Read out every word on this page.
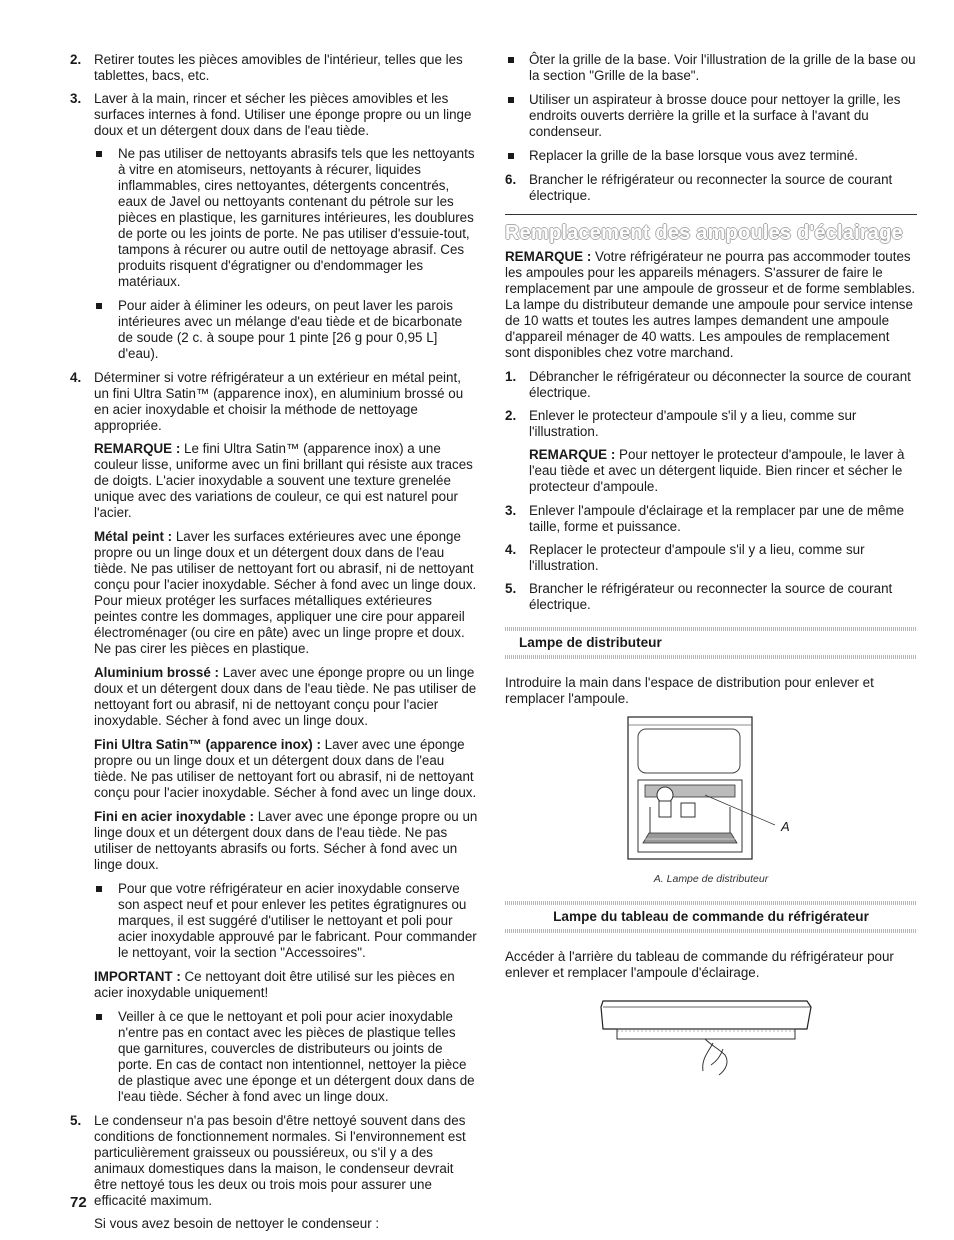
2. Retirer toutes les pièces amovibles de l'intérieur, telles que les tablettes, bacs, etc.
3. Laver à la main, rincer et sécher les pièces amovibles et les surfaces internes à fond. Utiliser une éponge propre ou un linge doux et un détergent doux dans de l'eau tiède.
Ne pas utiliser de nettoyants abrasifs tels que les nettoyants à vitre en atomiseurs, nettoyants à récurer, liquides inflammables, cires nettoyantes, détergents concentrés, eaux de Javel ou nettoyants contenant du pétrole sur les pièces en plastique, les garnitures intérieures, les doublures de porte ou les joints de porte. Ne pas utiliser d'essuie-tout, tampons à récurer ou autre outil de nettoyage abrasif. Ces produits risquent d'égratigner ou d'endommager les matériaux.
Pour aider à éliminer les odeurs, on peut laver les parois intérieures avec un mélange d'eau tiède et de bicarbonate de soude (2 c. à soupe pour 1 pinte [26 g pour 0,95 L] d'eau).
4. Déterminer si votre réfrigérateur a un extérieur en métal peint, un fini Ultra Satin™ (apparence inox), en aluminium brossé ou en acier inoxydable et choisir la méthode de nettoyage appropriée.

REMARQUE : Le fini Ultra Satin™ (apparence inox) a une couleur lisse, uniforme avec un fini brillant qui résiste aux traces de doigts. L'acier inoxydable a souvent une texture grenelée unique avec des variations de couleur, ce qui est naturel pour l'acier.

Métal peint : Laver les surfaces extérieures avec une éponge propre ou un linge doux et un détergent doux dans de l'eau tiède. Ne pas utiliser de nettoyant fort ou abrasif, ni de nettoyant conçu pour l'acier inoxydable. Sécher à fond avec un linge doux. Pour mieux protéger les surfaces métalliques extérieures peintes contre les dommages, appliquer une cire pour appareil électroménager (ou cire en pâte) avec un linge propre et doux. Ne pas cirer les pièces en plastique.

Aluminium brossé : Laver avec une éponge propre ou un linge doux et un détergent doux dans de l'eau tiède. Ne pas utiliser de nettoyant fort ou abrasif, ni de nettoyant conçu pour l'acier inoxydable. Sécher à fond avec un linge doux.

Fini Ultra Satin™ (apparence inox) : Laver avec une éponge propre ou un linge doux et un détergent doux dans de l'eau tiède. Ne pas utiliser de nettoyant fort ou abrasif, ni de nettoyant conçu pour l'acier inoxydable. Sécher à fond avec un linge doux.

Fini en acier inoxydable : Laver avec une éponge propre ou un linge doux et un détergent doux dans de l'eau tiède. Ne pas utiliser de nettoyants abrasifs ou forts. Sécher à fond avec un linge doux.

Pour que votre réfrigérateur en acier inoxydable conserve son aspect neuf et pour enlever les petites égratignures ou marques, il est suggéré d'utiliser le nettoyant et poli pour acier inoxydable approuvé par le fabricant. Pour commander le nettoyant, voir la section "Accessoires".

IMPORTANT : Ce nettoyant doit être utilisé sur les pièces en acier inoxydable uniquement!

Veiller à ce que le nettoyant et poli pour acier inoxydable n'entre pas en contact avec les pièces de plastique telles que garnitures, couvercles de distributeurs ou joints de porte. En cas de contact non intentionnel, nettoyer la pièce de plastique avec une éponge et un détergent doux dans de l'eau tiède. Sécher à fond avec un linge doux.
5. Le condenseur n'a pas besoin d'être nettoyé souvent dans des conditions de fonctionnement normales. Si l'environnement est particulièrement graisseux ou poussiéreux, ou s'il y a des animaux domestiques dans la maison, le condenseur devrait être nettoyé tous les deux ou trois mois pour assurer une efficacité maximum.

Si vous avez besoin de nettoyer le condenseur :

Ôter la grille de la base. Voir l'illustration de la grille de la base ou la section "Grille de la base".
Utiliser un aspirateur à brosse douce pour nettoyer la grille, les endroits ouverts derrière la grille et la surface à l'avant du condenseur.
Replacer la grille de la base lorsque vous avez terminé.
6. Brancher le réfrigérateur ou reconnecter la source de courant électrique.
Remplacement des ampoules d'éclairage

REMARQUE : Votre réfrigérateur ne pourra pas accommoder toutes les ampoules pour les appareils ménagers. S'assurer de faire le remplacement par une ampoule de grosseur et de forme semblables. La lampe du distributeur demande une ampoule pour service intense de 10 watts et toutes les autres lampes demandent une ampoule d'appareil ménager de 40 watts. Les ampoules de remplacement sont disponibles chez votre marchand.

1. Débrancher le réfrigérateur ou déconnecter la source de courant électrique.
2. Enlever le protecteur d'ampoule s'il y a lieu, comme sur l'illustration.

REMARQUE : Pour nettoyer le protecteur d'ampoule, le laver à l'eau tiède et avec un détergent liquide. Bien rincer et sécher le protecteur d'ampoule.

3. Enlever l'ampoule d'éclairage et la remplacer par une de même taille, forme et puissance.
4. Replacer le protecteur d'ampoule s'il y a lieu, comme sur l'illustration.
5. Brancher le réfrigérateur ou reconnecter la source de courant électrique.
Lampe de distributeur

Introduire la main dans l'espace de distribution pour enlever et remplacer l'ampoule.

A
A. Lampe de distributeur
Lampe du tableau de commande du réfrigérateur

Accéder à l'arrière du tableau de commande du réfrigérateur pour enlever et remplacer l'ampoule d'éclairage.

72
